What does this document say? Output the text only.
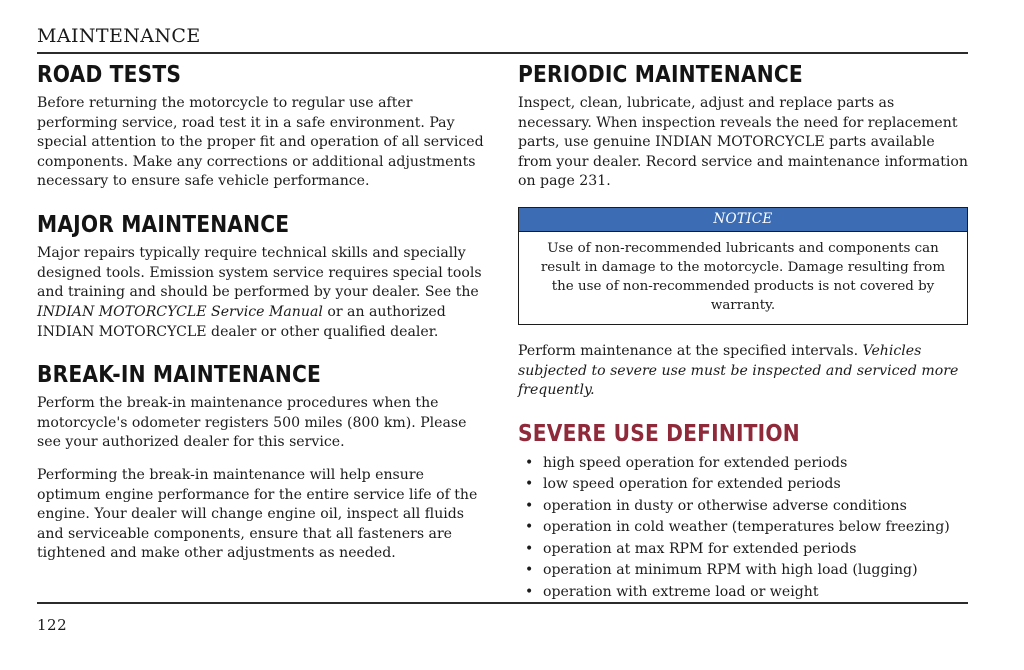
MAINTENANCE
ROAD TESTS

Before returning the motorcycle to regular use after performing service, road test it in a safe environment. Pay special attention to the proper fit and operation of all serviced components. Make any corrections or additional adjustments necessary to ensure safe vehicle performance.

MAJOR MAINTENANCE

Major repairs typically require technical skills and specially designed tools. Emission system service requires special tools and training and should be performed by your dealer. See the INDIAN MOTORCYCLE Service Manual or an authorized INDIAN MOTORCYCLE dealer or other qualified dealer.

BREAK-IN MAINTENANCE

Perform the break-in maintenance procedures when the motorcycle's odometer registers 500 miles (800 km). Please see your authorized dealer for this service.

Performing the break-in maintenance will help ensure optimum engine performance for the entire service life of the engine. Your dealer will change engine oil, inspect all fluids and serviceable components, ensure that all fasteners are tightened and make other adjustments as needed.

PERIODIC MAINTENANCE

Inspect, clean, lubricate, adjust and replace parts as necessary. When inspection reveals the need for replacement parts, use genuine INDIAN MOTORCYCLE parts available from your dealer. Record service and maintenance information on page 231.

NOTICE
Use of non-recommended lubricants and components can result in damage to the motorcycle. Damage resulting from the use of non-recommended products is not covered by warranty.

Perform maintenance at the specified intervals. Vehicles subjected to severe use must be inspected and serviced more frequently.

SEVERE USE DEFINITION
• high speed operation for extended periods
• low speed operation for extended periods
• operation in dusty or otherwise adverse conditions
• operation in cold weather (temperatures below freezing)
• operation at max RPM for extended periods
• operation at minimum RPM with high load (lugging)
• operation with extreme load or weight
122
